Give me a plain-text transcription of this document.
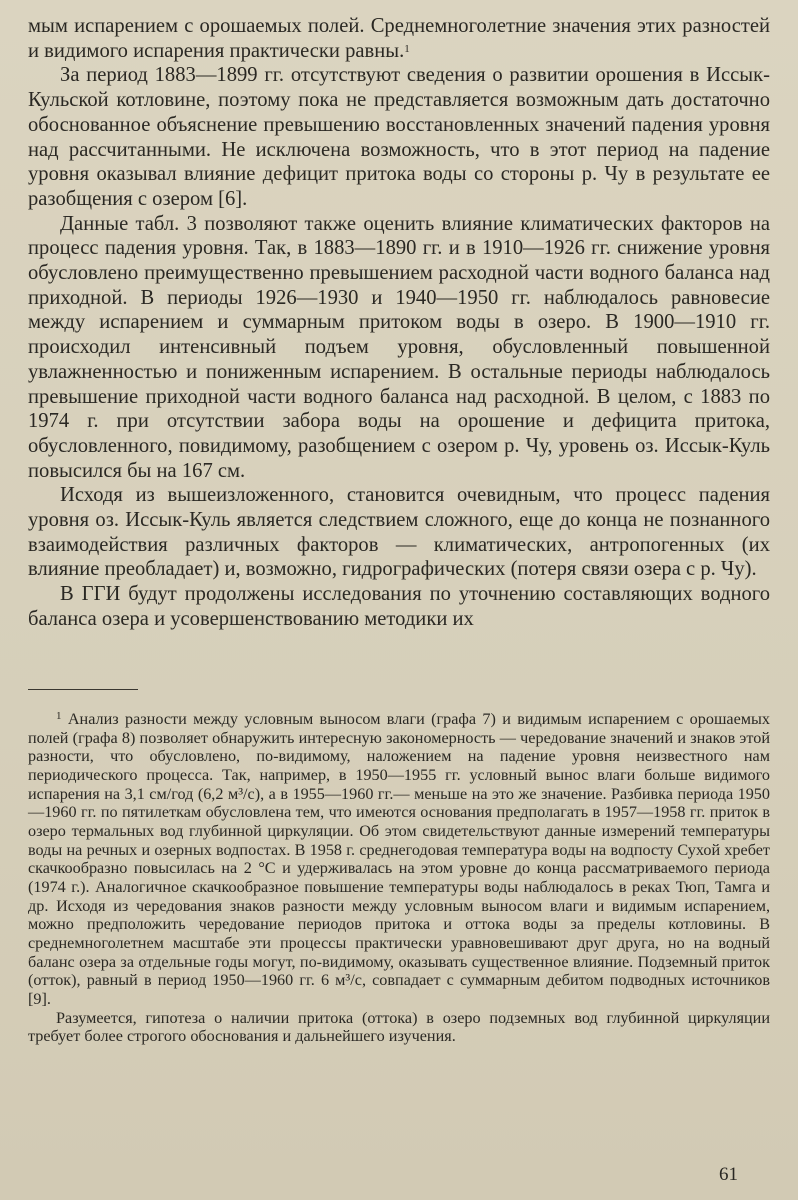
мым испарением с орошаемых полей. Среднемноголетние значения этих разностей и видимого испарения практически равны.$^1$

За период 1883—1899 гг. отсутствуют сведения о развитии орошения в Иссык-Кульской котловине, поэтому пока не представляется возможным дать достаточно обоснованное объяснение превышению восстановленных значений падения уровня над рассчитанными. Не исключена возможность, что в этот период на падение уровня оказывал влияние дефицит притока воды со стороны р. Чу в результате ее разобщения с озером [6].

Данные табл. 3 позволяют также оценить влияние климатических факторов на процесс падения уровня. Так, в 1883—1890 гг. и в 1910—1926 гг. снижение уровня обусловлено преимущественно превышением расходной части водного баланса над приходной. В периоды 1926—1930 и 1940—1950 гг. наблюдалось равновесие между испарением и суммарным притоком воды в озеро. В 1900—1910 гг. происходил интенсивный подъем уровня, обусловленный повышенной увлажненностью и пониженным испарением. В остальные периоды наблюдалось превышение приходной части водного баланса над расходной. В целом, с 1883 по 1974 г. при отсутствии забора воды на орошение и дефицита притока, обусловленного, повидимому, разобщением с озером р. Чу, уровень оз. Иссык-Куль повысился бы на 167 см.

Исходя из вышеизложенного, становится очевидным, что процесс падения уровня оз. Иссык-Куль является следствием сложного, еще до конца не познанного взаимодействия различных факторов — климатических, антропогенных (их влияние преобладает) и, возможно, гидрографических (потеря связи озера с р. Чу).

В ГГИ будут продолжены исследования по уточнению составляющих водного баланса озера и усовершенствованию методики их

$^1$ Анализ разности между условным выносом влаги (графа 7) и видимым испарением с орошаемых полей (графа 8) позволяет обнаружить интересную закономерность — чередование значений и знаков этой разности, что обусловлено, по-видимому, наложением на падение уровня неизвестного нам периодического процесса. Так, например, в 1950—1955 гг. условный вынос влаги больше видимого испарения на 3,1 см/год (6,2 м³/с), а в 1955—1960 гг.— меньше на это же значение. Разбивка периода 1950—1960 гг. по пятилеткам обусловлена тем, что имеются основания предполагать в 1957—1958 гг. приток в озеро термальных вод глубинной циркуляции. Об этом свидетельствуют данные измерений температуры воды на речных и озерных водпостах. В 1958 г. среднегодовая температура воды на водпосту Сухой хребет скачкообразно повысилась на 2 °С и удерживалась на этом уровне до конца рассматриваемого периода (1974 г.). Аналогичное скачкообразное повышение температуры воды наблюдалось в реках Тюп, Тамга и др. Исходя из чередования знаков разности между условным выносом влаги и видимым испарением, можно предположить чередование периодов притока и оттока воды за пределы котловины. В среднемноголетнем масштабе эти процессы практически уравновешивают друг друга, но на водный баланс озера за отдельные годы могут, по-видимому, оказывать существенное влияние. Подземный приток (отток), равный в период 1950—1960 гг. 6 м³/с, совпадает с суммарным дебитом подводных источников [9].

Разумеется, гипотеза о наличии притока (оттока) в озеро подземных вод глубинной циркуляции требует более строгого обоснования и дальнейшего изучения.

61
